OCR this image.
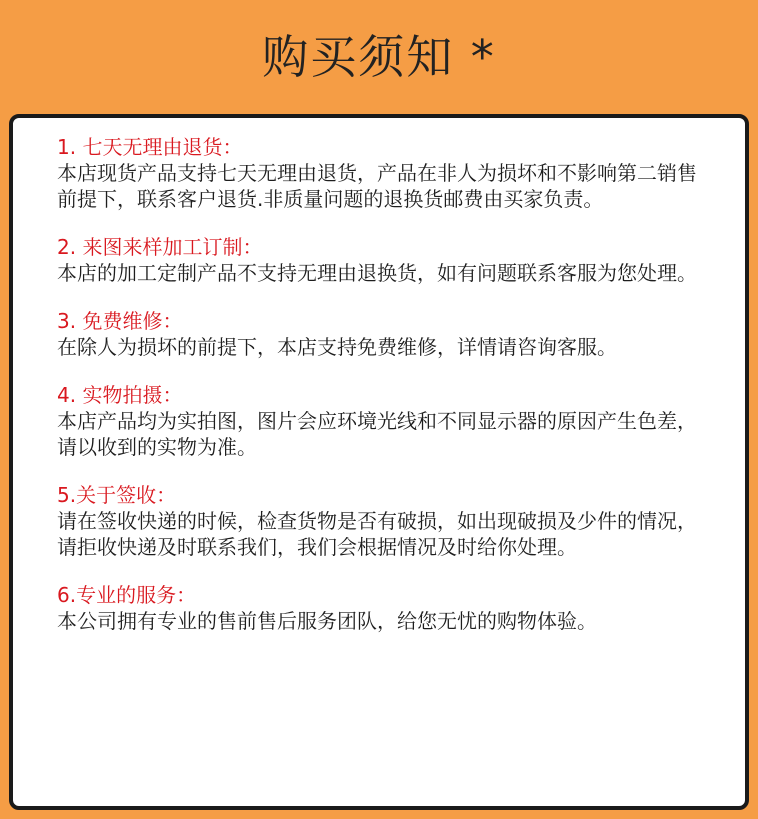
购买须知 *
1. 七天无理由退货：

本店现货产品支持七天无理由退货，产品在非人为损坏和不影响第二销售前提下，联系客户退货.非质量问题的退换货邮费由买家负责。

2. 来图来样加工订制：

本店的加工定制产品不支持无理由退换货，如有问题联系客服为您处理。

3. 免费维修：

在除人为损坏的前提下，本店支持免费维修，详情请咨询客服。

4. 实物拍摄：

本店产品均为实拍图，图片会应环境光线和不同显示器的原因产生色差，请以收到的实物为准。

5.关于签收：

请在签收快递的时候，检查货物是否有破损，如出现破损及少件的情况，请拒收快递及时联系我们，我们会根据情况及时给你处理。

6.专业的服务：

本公司拥有专业的售前售后服务团队，给您无忧的购物体验。
